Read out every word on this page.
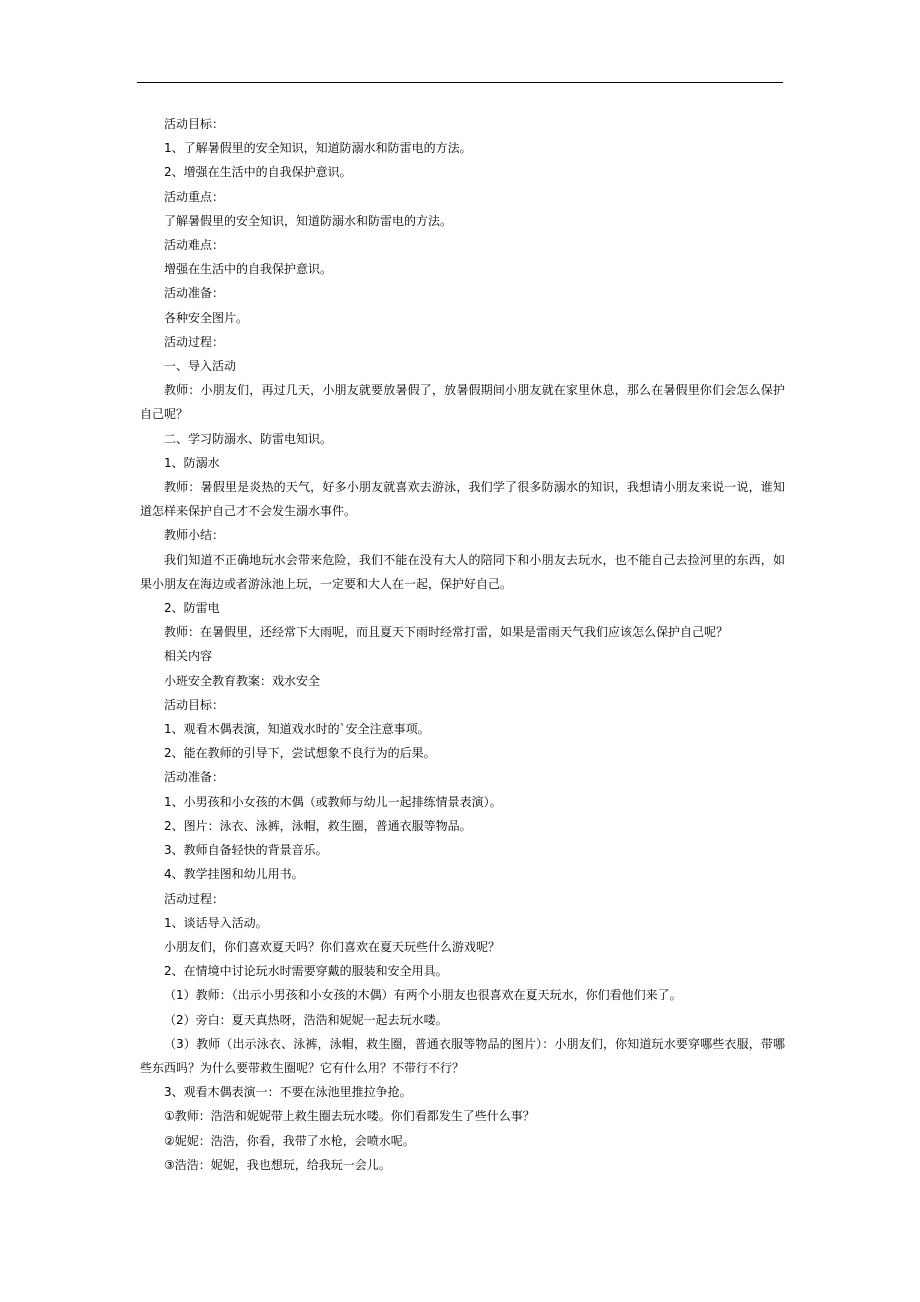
活动目标：

1、了解暑假里的安全知识，知道防溺水和防雷电的方法。

2、增强在生活中的自我保护意识。

活动重点：

了解暑假里的安全知识，知道防溺水和防雷电的方法。

活动难点：

增强在生活中的自我保护意识。

活动准备：

各种安全图片。

活动过程：

一、导入活动

教师：小朋友们，再过几天，小朋友就要放暑假了，放暑假期间小朋友就在家里休息，那么在暑假里你们会怎么保护自己呢？

二、学习防溺水、防雷电知识。

1、防溺水

教师：暑假里是炎热的天气，好多小朋友就喜欢去游泳，我们学了很多防溺水的知识，我想请小朋友来说一说，谁知道怎样来保护自己才不会发生溺水事件。

教师小结：

我们知道不正确地玩水会带来危险，我们不能在没有大人的陪同下和小朋友去玩水，也不能自己去捡河里的东西，如果小朋友在海边或者游泳池上玩，一定要和大人在一起，保护好自己。

2、防雷电

教师：在暑假里，还经常下大雨呢，而且夏天下雨时经常打雷，如果是雷雨天气我们应该怎么保护自己呢？

相关内容

小班安全教育教案：戏水安全

活动目标：

1、观看木偶表演，知道戏水时的`安全注意事项。

2、能在教师的引导下，尝试想象不良行为的后果。

活动准备：

1、小男孩和小女孩的木偶（或教师与幼儿一起排练情景表演）。

2、图片：泳衣、泳裤，泳帽，救生圈，普通衣服等物品。

3、教师自备轻快的背景音乐。

4、教学挂图和幼儿用书。

活动过程：

1、谈话导入活动。

小朋友们，你们喜欢夏天吗？你们喜欢在夏天玩些什么游戏呢？

2、在情境中讨论玩水时需要穿戴的服装和安全用具。

（1）教师：（出示小男孩和小女孩的木偶）有两个小朋友也很喜欢在夏天玩水，你们看他们来了。

（2）旁白：夏天真热呀，浩浩和妮妮一起去玩水喽。

（3）教师（出示泳衣、泳裤，泳帽，救生圈，普通衣服等物品的图片）：小朋友们，你知道玩水要穿哪些衣服，带哪些东西吗？为什么要带救生圈呢？它有什么用？不带行不行？

3、观看木偶表演一：不要在泳池里推拉争抢。

①教师：浩浩和妮妮带上救生圈去玩水喽。你们看都发生了些什么事？

②妮妮：浩浩，你看，我带了水枪，会喷水呢。

③浩浩：妮妮，我也想玩，给我玩一会儿。
